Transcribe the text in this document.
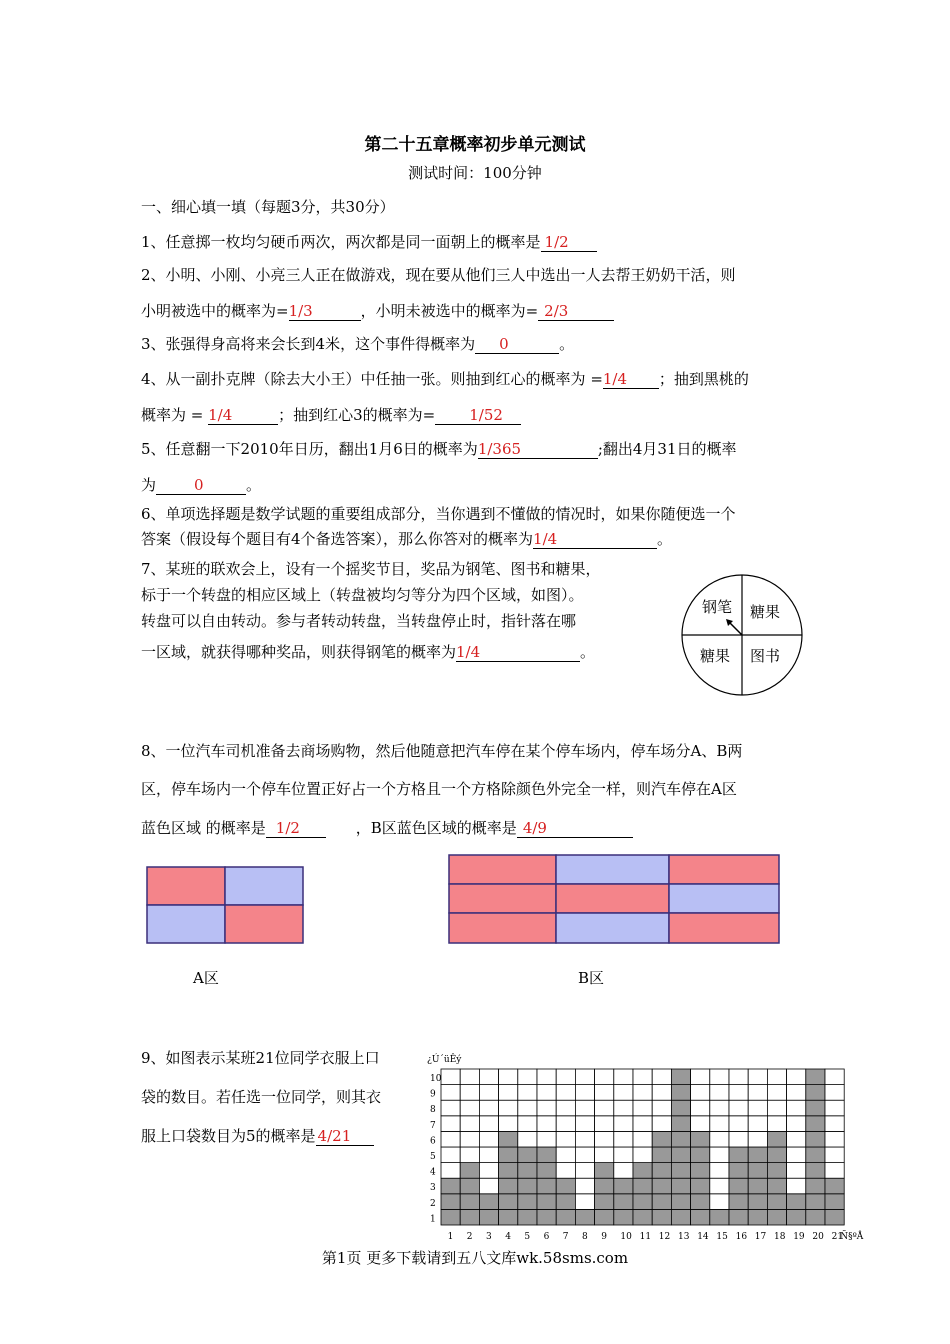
第二十五章概率初步单元测试
测试时间：100分钟
一、细心填一填（每题3分，共30分）
1、任意掷一枚均匀硬币两次，两次都是同一面朝上的概率是 1/2
2、小明、小刚、小亮三人正在做游戏，现在要从他们三人中选出一人去帮王奶奶干活，则
小明被选中的概率为=1/3	，小明未被选中的概率为= 2/3
3、张强得身高将来会长到4米，这个事件得概率为 0	。
4、从一副扑克牌（除去大小王）中任抽一张。则抽到红心的概率为 =1/4 ；抽到黑桃的
概率为 = 1/4	；抽到红心3的概率为= 1/52
5、任意翻一下2010年日历，翻出1月6日的概率为1/365	;翻出4月31日的概率
为	0	。
6、单项选择题是数学试题的重要组成部分，当你遇到不懂做的情况时，如果你随便选一个
答案（假设每个题目有4个备选答案），那么你答对的概率为1/4	。
7、某班的联欢会上，设有一个摇奖节目，奖品为钢笔、图书和糖果，
标于一个转盘的相应区域上（转盘被均匀等分为四个区域，如图）。
转盘可以自由转动。参与者转动转盘，当转盘停止时，指针落在哪
一区域，就获得哪种奖品，则获得钢笔的概率为1/4	。
钢笔 糖果
糖果 图书
8、一位汽车司机准备去商场购物，然后他随意把汽车停在某个停车场内，停车场分A、B两
区，停车场内一个停车位置正好占一个方格且一个方格除颜色外完全一样，则汽车停在A区
蓝色区域 的概率是 1/2	，B区蓝色区域的概率是 4/9
A区	B区
9、如图表示某班21位同学衣服上口
袋的数目。若任选一位同学，则其衣
服上口袋数目为5的概率是 4/21
¿Ú´üÊý
1 2 3 4 5 6 7 8 9 10 11 12 13 14 15 16 17 18 19 20 21
1
2
3
4
5
6
7
8
9
10
Ñ§ºÅ
第1页 更多下载请到五八文库wk.58sms.com
